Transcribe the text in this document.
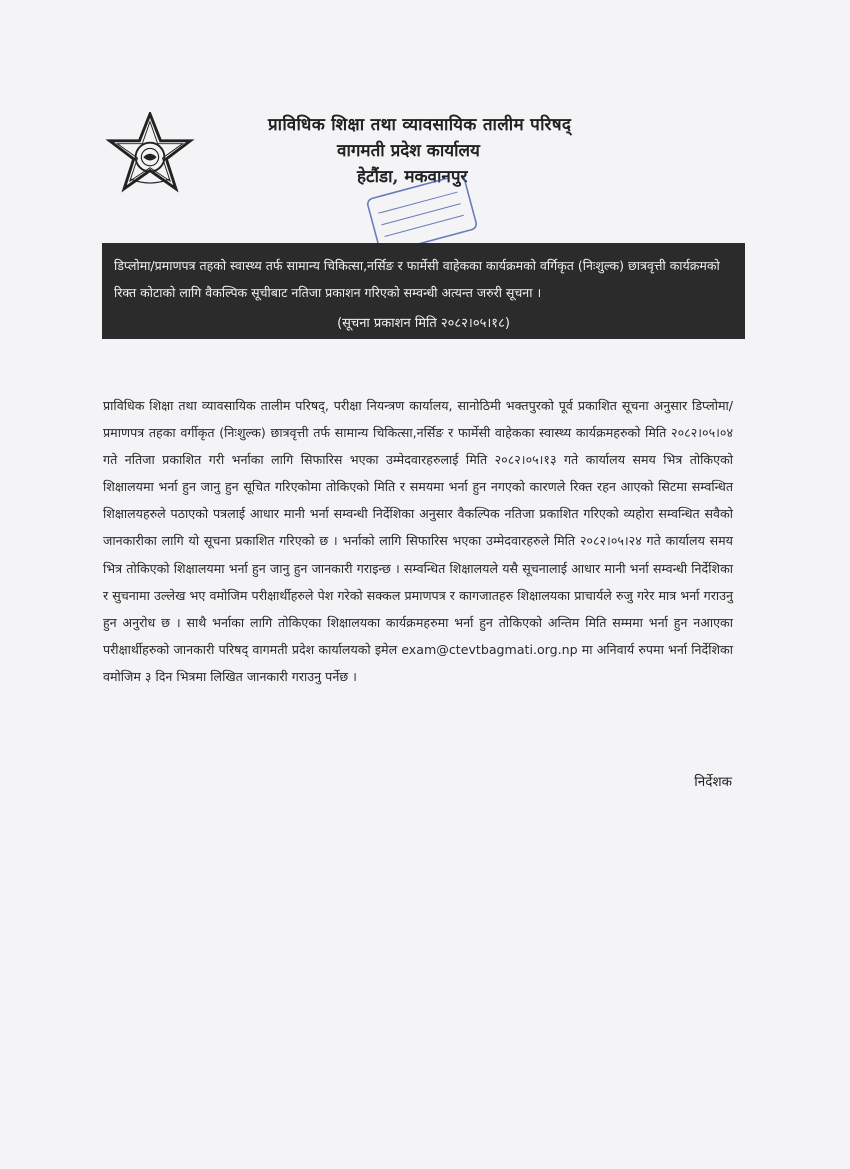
प्राविधिक शिक्षा तथा व्यावसायिक तालीम परिषद्
वागमती प्रदेश कार्यालय
हेटौंडा, मकवानपुर
डिप्लोमा/प्रमाणपत्र तहको स्वास्थ्य तर्फ सामान्य चिकित्सा,नर्सिङ र फार्मेसी वाहेकका कार्यक्रमको वर्गिकृत (निःशुल्क) छात्रवृत्ती कार्यक्रमको रिक्त कोटाको लागि वैकल्पिक सूचीबाट नतिजा प्रकाशन गरिएको सम्वन्धी अत्यन्त जरुरी सूचना ।
(सूचना प्रकाशन मिति २०८२।०५।१८)
प्राविधिक शिक्षा तथा व्यावसायिक तालीम परिषद्, परीक्षा नियन्त्रण कार्यालय, सानोठिमी भक्तपुरको पूर्व प्रकाशित सूचना अनुसार डिप्लोमा/प्रमाणपत्र तहका वर्गीकृत (निःशुल्क) छात्रवृत्ती तर्फ सामान्य चिकित्सा,नर्सिङ र फार्मेसी वाहेकका स्वास्थ्य कार्यक्रमहरुको मिति २०८२।०५।०४ गते नतिजा प्रकाशित गरी भर्नाका लागि सिफारिस भएका उम्मेदवारहरुलाई मिति २०८२।०५।१३ गते कार्यालय समय भित्र तोकिएको शिक्षालयमा भर्ना हुन जानु हुन सूचित गरिएकोमा तोकिएको मिति र समयमा भर्ना हुन नगएको कारणले रिक्त रहन आएको सिटमा सम्वन्धित शिक्षालयहरुले पठाएको पत्रलाई आधार मानी भर्ना सम्वन्धी निर्देशिका अनुसार वैकल्पिक नतिजा प्रकाशित गरिएको व्यहोरा सम्वन्धित सवैको जानकारीका लागि यो सूचना प्रकाशित गरिएको छ । भर्नाको लागि सिफारिस भएका उम्मेदवारहरुले मिति २०८२।०५।२४ गते कार्यालय समय भित्र तोकिएको शिक्षालयमा भर्ना हुन जानु हुन जानकारी गराइन्छ । सम्वन्धित शिक्षालयले यसै सूचनालाई आधार मानी भर्ना सम्वन्धी निर्देशिका र सुचनामा उल्लेख भए वमोजिम परीक्षार्थीहरुले पेश गरेको सक्कल प्रमाणपत्र र कागजातहरु शिक्षालयका प्राचार्यले रुजु गरेर मात्र भर्ना गराउनु हुन अनुरोध छ । साथै भर्नाका लागि तोकिएका शिक्षालयका कार्यक्रमहरुमा भर्ना हुन तोकिएको अन्तिम मिति सम्ममा भर्ना हुन नआएका परीक्षार्थीहरुको जानकारी परिषद् वागमती प्रदेश कार्यालयको इमेल exam@ctevtbagmati.org.np मा अनिवार्य रुपमा भर्ना निर्देशिका वमोजिम ३ दिन भित्रमा लिखित जानकारी गराउनु पर्नेछ ।
निर्देशक
